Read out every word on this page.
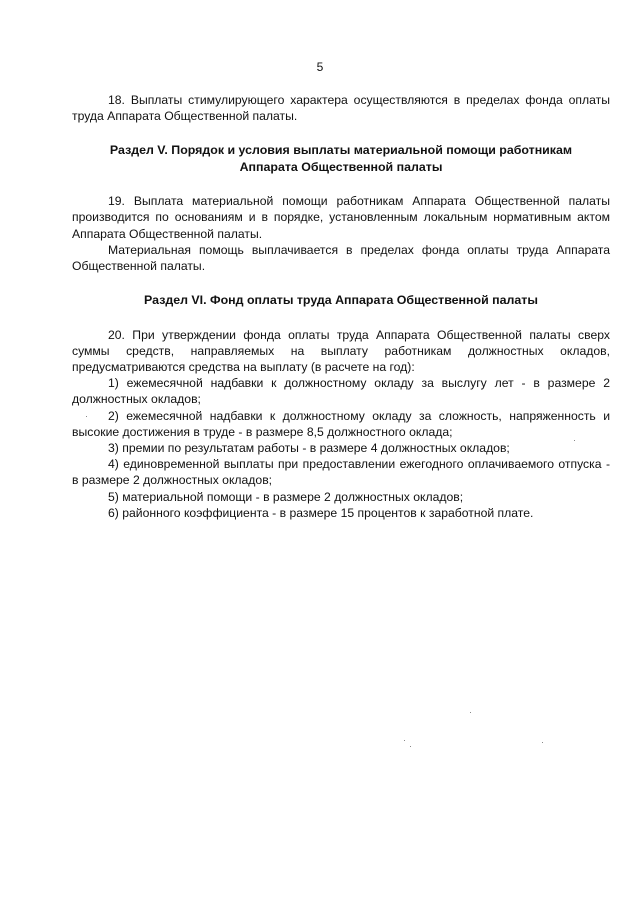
5

18. Выплаты стимулирующего характера осуществляются в пределах фонда оплаты труда Аппарата Общественной палаты.

Раздел V. Порядок и условия выплаты материальной помощи работникам

Аппарата Общественной палаты

19. Выплата материальной помощи работникам Аппарата Общественной палаты производится по основаниям и в порядке, установленным локальным нормативным актом Аппарата Общественной палаты.

Материальная помощь выплачивается в пределах фонда оплаты труда Аппарата Общественной палаты.

Раздел VI. Фонд оплаты труда Аппарата Общественной палаты

20. При утверждении фонда оплаты труда Аппарата Общественной палаты сверх суммы средств, направляемых на выплату работникам должностных окладов, предусматриваются средства на выплату (в расчете на год):

1) ежемесячной надбавки к должностному окладу за выслугу лет - в размере 2 должностных окладов;

2) ежемесячной надбавки к должностному окладу за сложность, напряженность и высокие достижения в труде - в размере 8,5 должностного оклада;

3) премии по результатам работы - в размере 4 должностных окладов;

4) единовременной выплаты при предоставлении ежегодного оплачиваемого отпуска - в размере 2 должностных окладов;

5) материальной помощи - в размере 2 должностных окладов;

6) районного коэффициента - в размере 15 процентов к заработной плате.
